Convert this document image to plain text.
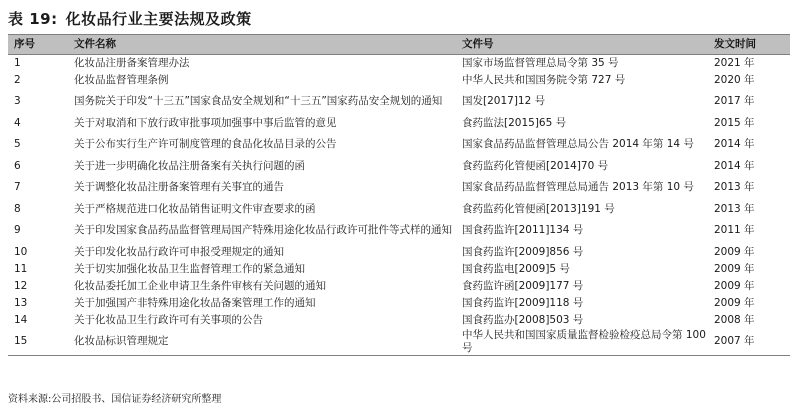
表 19: 化妆品行业主要法规及政策
序号	文件名称	文件号	发文时间
1	化妆品注册备案管理办法	国家市场监督管理总局令第 35 号	2021 年
2	化妆品监督管理条例	中华人民共和国国务院令第 727 号	2020 年
3	国务院关于印发“十三五”国家食品安全规划和“十三五”国家药品安全规划的通知	国发[2017]12 号	2017 年
4	关于对取消和下放行政审批事项加强事中事后监管的意见	食药监法[2015]65 号	2015 年
5	关于公布实行生产许可制度管理的食品化妆品目录的公告	国家食品药品监督管理总局公告 2014 年第 14 号	2014 年
6	关于进一步明确化妆品注册备案有关执行问题的函	食药监药化管便函[2014]70 号	2014 年
7	关于调整化妆品注册备案管理有关事宜的通告	国家食品药品监督管理总局通告 2013 年第 10 号	2013 年
8	关于严格规范进口化妆品销售证明文件审查要求的函	食药监药化管便函[2013]191 号	2013 年
9	关于印发国家食品药品监督管理局国产特殊用途化妆品行政许可批件等式样的通知	国食药监许[2011]134 号	2011 年
10	关于印发化妆品行政许可申报受理规定的通知	国食药监许[2009]856 号	2009 年
11	关于切实加强化妆品卫生监督管理工作的紧急通知	国食药监电[2009]5 号	2009 年
12	化妆品委托加工企业申请卫生条件审核有关问题的通知	食药监许函[2009]177 号	2009 年
13	关于加强国产非特殊用途化妆品备案管理工作的通知	国食药监许[2009]118 号	2009 年
14	关于化妆品卫生行政许可有关事项的公告	国食药监办[2008]503 号	2008 年
15	化妆品标识管理规定	中华人民共和国国家质量监督检验检疫总局令第 100 号	2007 年
资料来源:公司招股书、国信证券经济研究所整理
